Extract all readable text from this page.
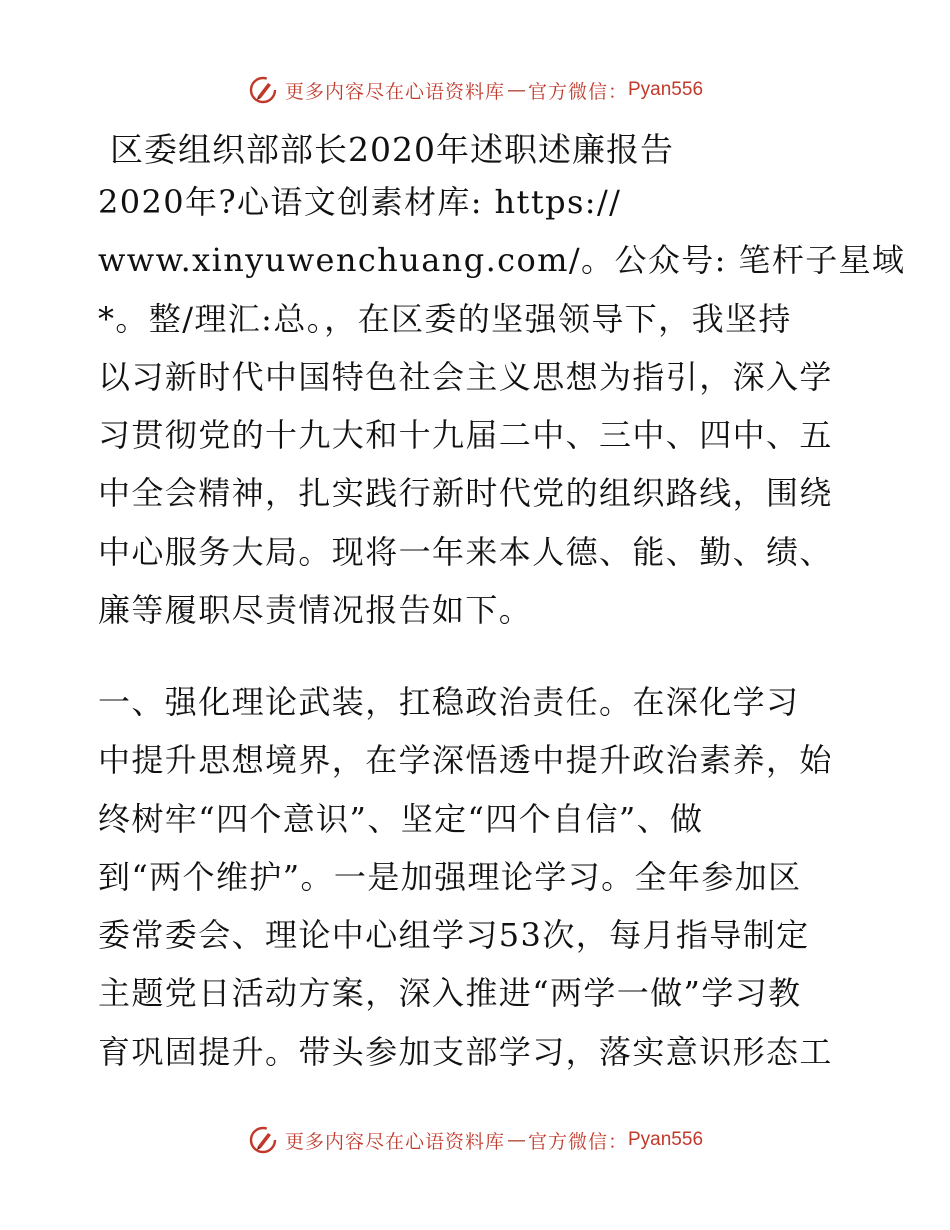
更多内容尽在心语资料库 — 官方微信： Pyan556
区委组织部部长2020年述职述廉报告
2020年?心语文创素材库: https://
www.xinyuwenchuang.com/。公众号: 笔杆子星域
*。整/理汇:总。，在区委的坚强领导下，我坚持
以习新时代中国特色社会主义思想为指引，深入学
习贯彻党的十九大和十九届二中、三中、四中、五
中全会精神，扎实践行新时代党的组织路线，围绕
中心服务大局。现将一年来本人德、能、勤、绩、
廉等履职尽责情况报告如下。
一、强化理论武装，扛稳政治责任。在深化学习
中提升思想境界，在学深悟透中提升政治素养，始
终树牢“四个意识”、坚定“四个自信”、做
到“两个维护”。一是加强理论学习。全年参加区
委常委会、理论中心组学习53次，每月指导制定
主题党日活动方案，深入推进“两学一做”学习教
育巩固提升。带头参加支部学习，落实意识形态工
更多内容尽在心语资料库 — 官方微信： Pyan556
